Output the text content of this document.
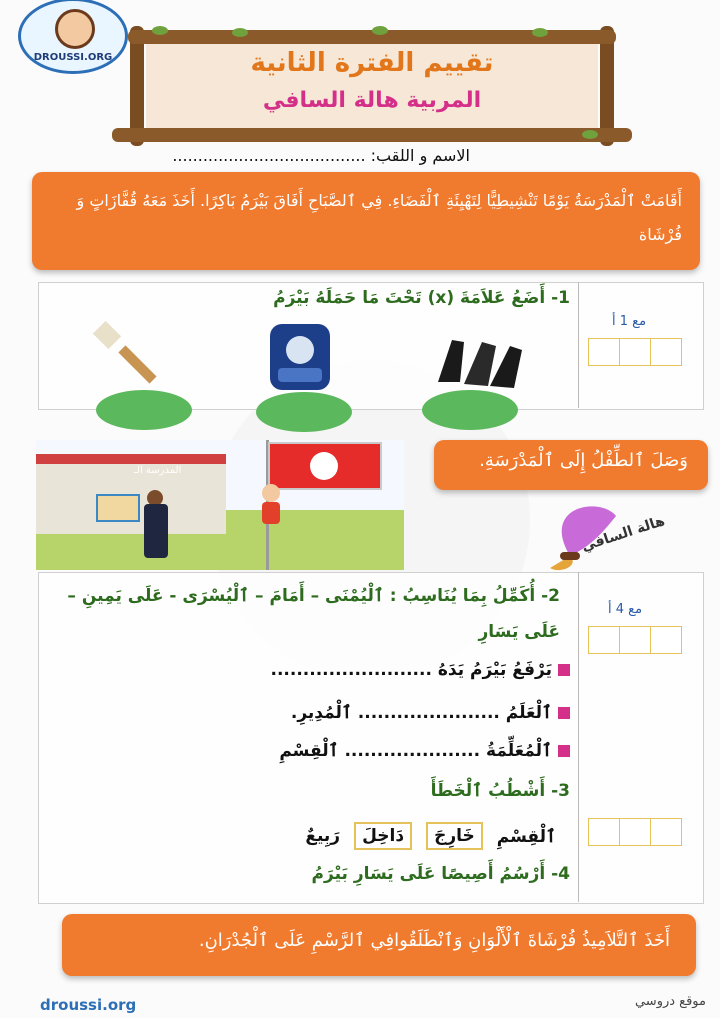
DROUSSI.ORG	تقييم الفترة الثانية
المربية هالة السافي
الاسم و اللقب: ......................................
أَقَامَتْ ٱلْمَدْرَسَةُ يَوْمًا تَنْشِيطِيًّا لِتَهْيِئَةِ ٱلْفَضَاءِ. فِي ٱلصَّبَاحِ أَفَاقَ بَيْرَمُ بَاكِرًا. أَخَذَ مَعَهُ قُفَّازَاتٍ وَ فُرْشَاة
1- أَضَعُ عَلاَمَةَ (x) تَحْتَ مَا حَمَلَهُ بَيْرَمُ
مع 1 أ
المدرسة الـ	وَصَلَ ٱلطِّفْلُ إِلَى ٱلْمَدْرَسَةِ.
هالة السافي
2- أُكَمِّلُ بِمَا يُنَاسِبُ : ٱلْيُمْنَى – أَمَامَ – ٱلْيُسْرَى - عَلَى يَمِينِ – عَلَى يَسَارِ
مع 4 أ
يَرْفَعُ بَيْرَمُ يَدَهُ .........................
ٱلْعَلَمُ ...................... ٱلْمُدِيرِ.
ٱلْمُعَلِّمَةُ ..................... ٱلْقِسْمِ
3- أَشْطُبُ ٱلْخَطَأَ
رَبِيعٌ	دَاخِلَ	خَارِجَ	ٱلْقِسْمِ
4- أَرْسُمُ أَصِيصًا عَلَى يَسَارِ بَيْرَمُ
أَخَذَ ٱلتَّلاَمِيذُ فُرْشَاةَ ٱلْأَلْوَانِ وَٱنْطَلَقُوافِي ٱلرَّسْمِ عَلَى ٱلْجُدْرَانِ.
droussi.org	موقع دروسي
